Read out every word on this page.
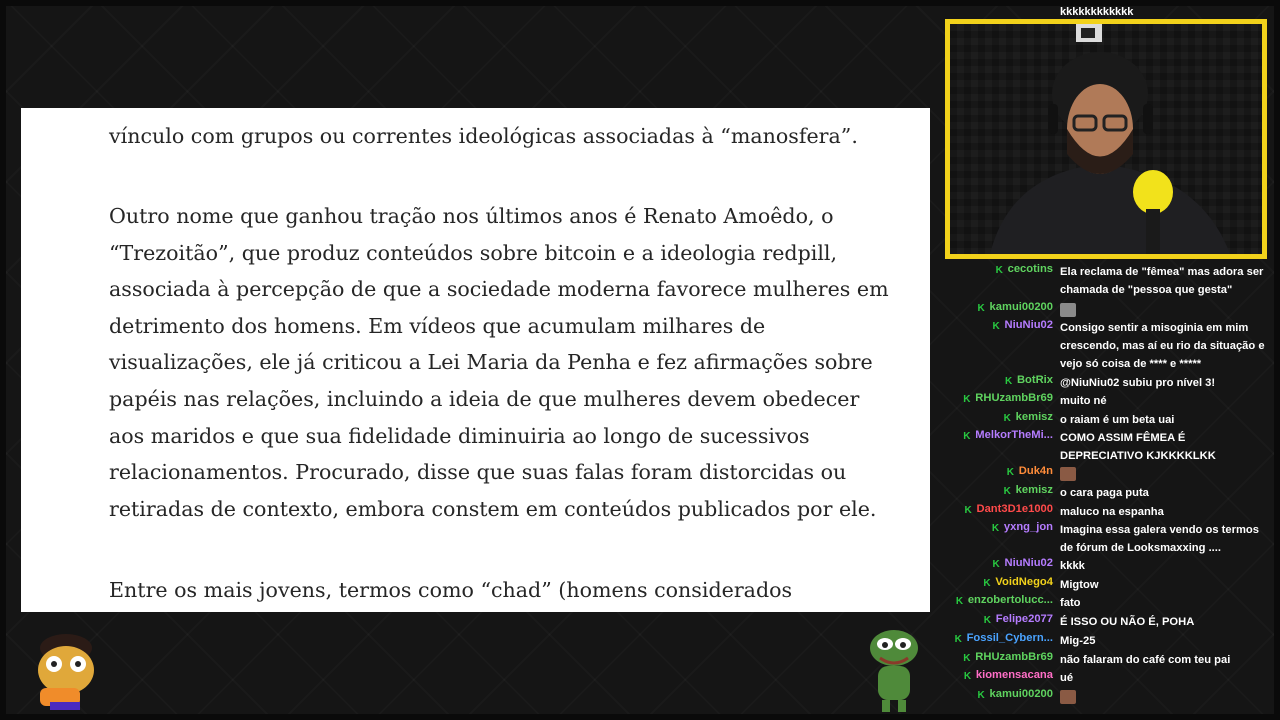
vínculo com grupos ou correntes ideológicas associadas à “manosfera”.

Outro nome que ganhou tração nos últimos anos é Renato Amoêdo, o “Trezoitão”, que produz conteúdos sobre bitcoin e a ideologia redpill, associada à percepção de que a sociedade moderna favorece mulheres em detrimento dos homens. Em vídeos que acumulam milhares de visualizações, ele já criticou a Lei Maria da Penha e fez afirmações sobre papéis nas relações, incluindo a ideia de que mulheres devem obedecer aos maridos e que sua fidelidade diminuiria ao longo de sucessivos relacionamentos. Procurado, disse que suas falas foram distorcidas ou retiradas de contexto, embora constem em conteúdos publicados por ele.

Entre os mais jovens, termos como “chad” (homens considerados

kkkkkkkkkkkk
K cecotins Ela reclama de "fêmea" mas adora ser chamada de "pessoa que gesta"
K kamui00200
K NiuNiu02 Consigo sentir a misoginia em mim crescendo, mas aí eu rio da situação e vejo só coisa de **** e *****
K BotRix @NiuNiu02 subiu pro nível 3!
K RHUzambBr69 muito né
K kemisz o raiam é um beta uai
K MelkorTheMi... COMO ASSIM FÊMEA É DEPRECIATIVO KJKKKKLKK
K Duk4n
K kemisz o cara paga puta
K Dant3D1e1000 maluco na espanha
K yxng_jon Imagina essa galera vendo os termos de fórum de Looksmaxxing ....
K NiuNiu02 kkkk
K VoidNego4 Migtow
K enzobertolucc... fato
K Felipe2077 É ISSO OU NÃO É, POHA
K Fossil_Cybern... Mig-25
K RHUzambBr69 não falaram do café com teu pai
K kiomensacana ué
K kamui00200
